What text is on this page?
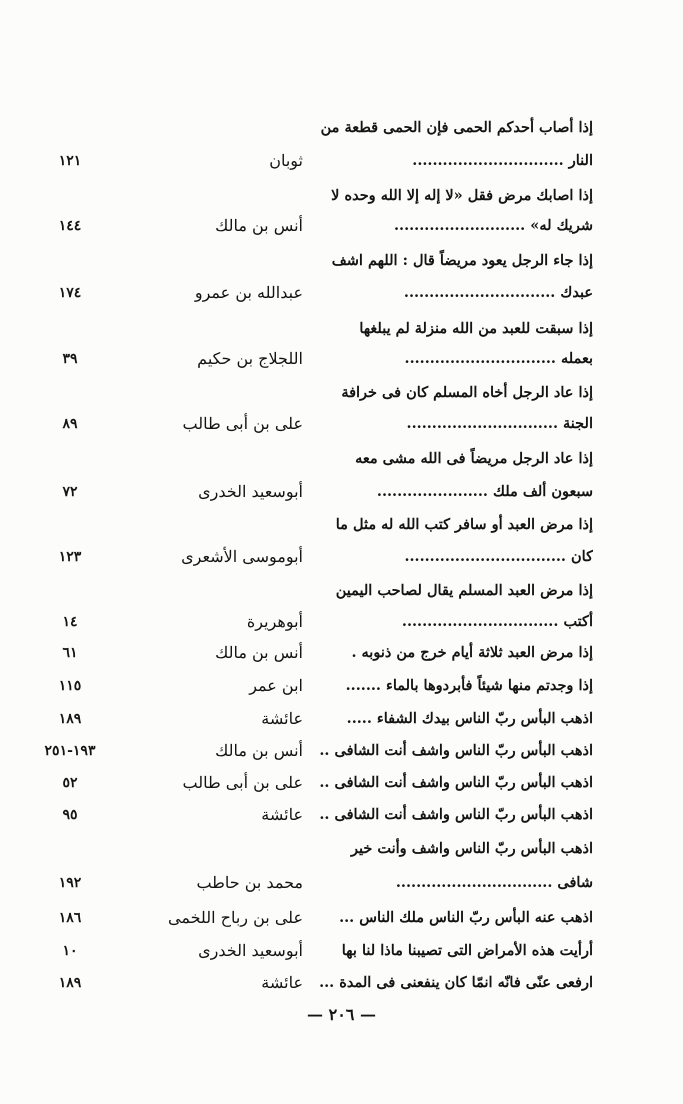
إذا أصاب أحدكم الحمى فإن الحمى قطعة من
النار ..............................
ثوبان
١٢١
إذا اصابك مرض فقل «لا إله إلا الله وحده لا
شريك له» ..........................
أنس بن مالك
١٤٤
إذا جاء الرجل يعود مريضاً قال : اللهم اشف
عبدك ..............................
عبدالله بن عمرو
١٧٤
إذا سبقت للعبد من الله منزلة لم يبلغها
بعمله ..............................
اللجلاج بن حكيم
٣٩
إذا عاد الرجل أخاه المسلم كان فى خرافة
الجنة ..............................
على بن أبى طالب
٨٩
إذا عاد الرجل مريضاً فى الله مشى معه
سبعون ألف ملك ......................
أبوسعيد الخدرى
٧٢
إذا مرض العبد أو سافر كتب الله له مثل ما
كان ................................
أبوموسى الأشعرى
١٢٣
إذا مرض العبد المسلم يقال لصاحب اليمين
أكتب ...............................
أبوهريرة
١٤
إذا مرض العبد ثلاثة أيام خرج من ذنوبه .
أنس بن مالك
٦١
إذا وجدتم منها شيئاً فأبردوها بالماء .......
ابن عمر
١١٥
اذهب البأس ربّ الناس بيدك الشفاء .....
عائشة
١٨٩
اذهب البأس ربّ الناس واشف أنت الشافى ..
أنس بن مالك
١٩٣-٢٥١
اذهب البأس ربّ الناس واشف أنت الشافى ..
على بن أبى طالب
٥٢
اذهب البأس ربّ الناس واشف أنت الشافى ..
عائشة
٩٥
اذهب البأس ربّ الناس واشف وأنت خير
شافى ...............................
محمد بن حاطب
١٩٢
اذهب عنه البأس ربّ الناس ملك الناس ...
على بن رباح اللخمى
١٨٦
أرأيت هذه الأمراض التى تصيبنا ماذا لنا بها
أبوسعيد الخدرى
١٠
ارفعى عنّى فانّه انمّا كان ينفعنى فى المدة ...
عائشة
١٨٩
— ٢٠٦ —
